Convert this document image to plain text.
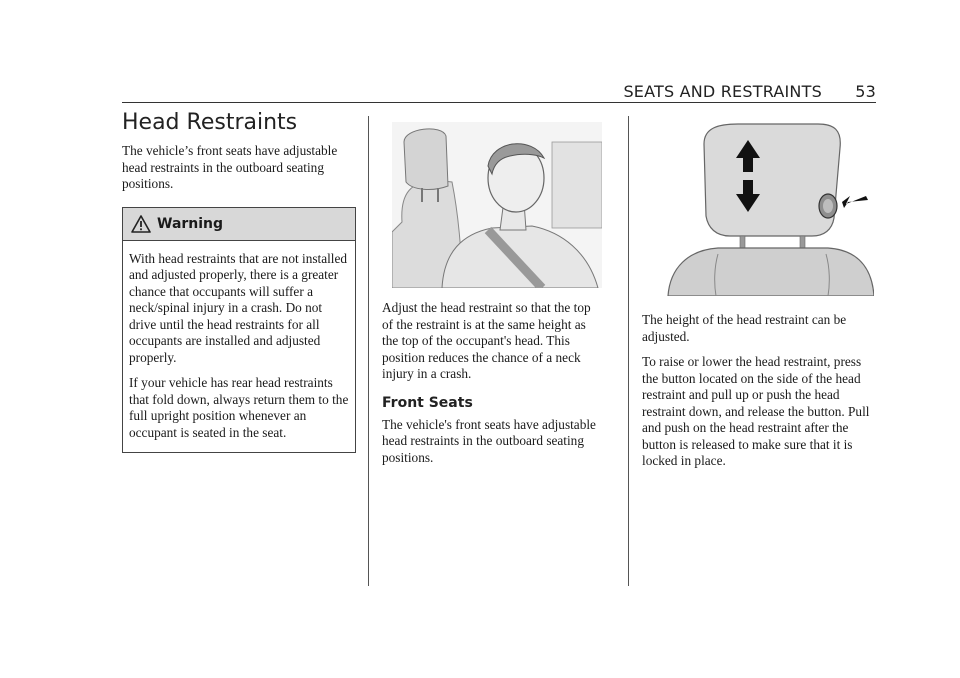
SEATS AND RESTRAINTS 53
Head Restraints

The vehicle’s front seats have adjustable head restraints in the outboard seating positions.

Warning

With head restraints that are not installed and adjusted properly, there is a greater chance that occupants will suffer a neck/spinal injury in a crash. Do not drive until the head restraints for all occupants are installed and adjusted properly.

If your vehicle has rear head restraints that fold down, always return them to the full upright position whenever an occupant is seated in the seat.

Adjust the head restraint so that the top of the restraint is at the same height as the top of the occupant's head. This position reduces the chance of a neck injury in a crash.

Front Seats

The vehicle's front seats have adjustable head restraints in the outboard seating positions.

The height of the head restraint can be adjusted.

To raise or lower the head restraint, press the button located on the side of the head restraint and pull up or push the head restraint down, and release the button. Pull and push on the head restraint after the button is released to make sure that it is locked in place.
